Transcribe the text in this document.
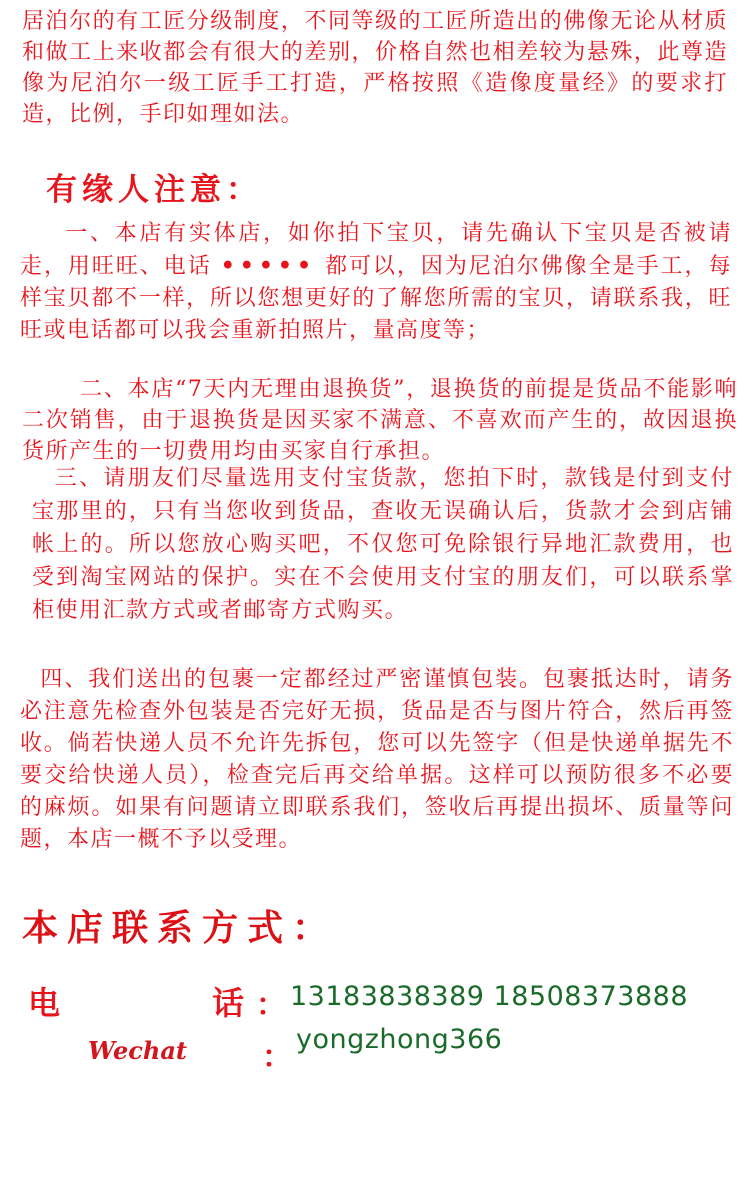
居泊尔的有工匠分级制度，不同等级的工匠所造出的佛像无论从材质和做工上来收都会有很大的差别，价格自然也相差较为悬殊，此尊造像为尼泊尔一级工匠手工打造，严格按照《造像度量经》的要求打造，比例，手印如理如法。

有缘人注意：

一、本店有实体店，如你拍下宝贝，请先确认下宝贝是否被请走，用旺旺、电话 ••••• 都可以，因为尼泊尔佛像全是手工，每样宝贝都不一样，所以您想更好的了解您所需的宝贝，请联系我，旺旺或电话都可以我会重新拍照片，量高度等；

二、本店“7天内无理由退换货”，退换货的前提是货品不能影响二次销售，由于退换货是因买家不满意、不喜欢而产生的，故因退换货所产生的一切费用均由买家自行承担。

三、请朋友们尽量选用支付宝货款，您拍下时，款钱是付到支付宝那里的，只有当您收到货品，查收无误确认后，货款才会到店铺帐上的。所以您放心购买吧，不仅您可免除银行异地汇款费用，也受到淘宝网站的保护。实在不会使用支付宝的朋友们，可以联系掌柜使用汇款方式或者邮寄方式购买。

四、我们送出的包裹一定都经过严密谨慎包装。包裹抵达时，请务必注意先检查外包装是否完好无损，货品是否与图片符合，然后再签收。倘若快递人员不允许先拆包，您可以先签字（但是快递单据先不要交给快递人员），检查完后再交给单据。这样可以预防很多不必要的麻烦。如果有问题请立即联系我们，签收后再提出损坏、质量等问题，本店一概不予以受理。

本店联系方式：
电	话 ： 13183838389 18508373888
Wechat	：
yongzhong366
